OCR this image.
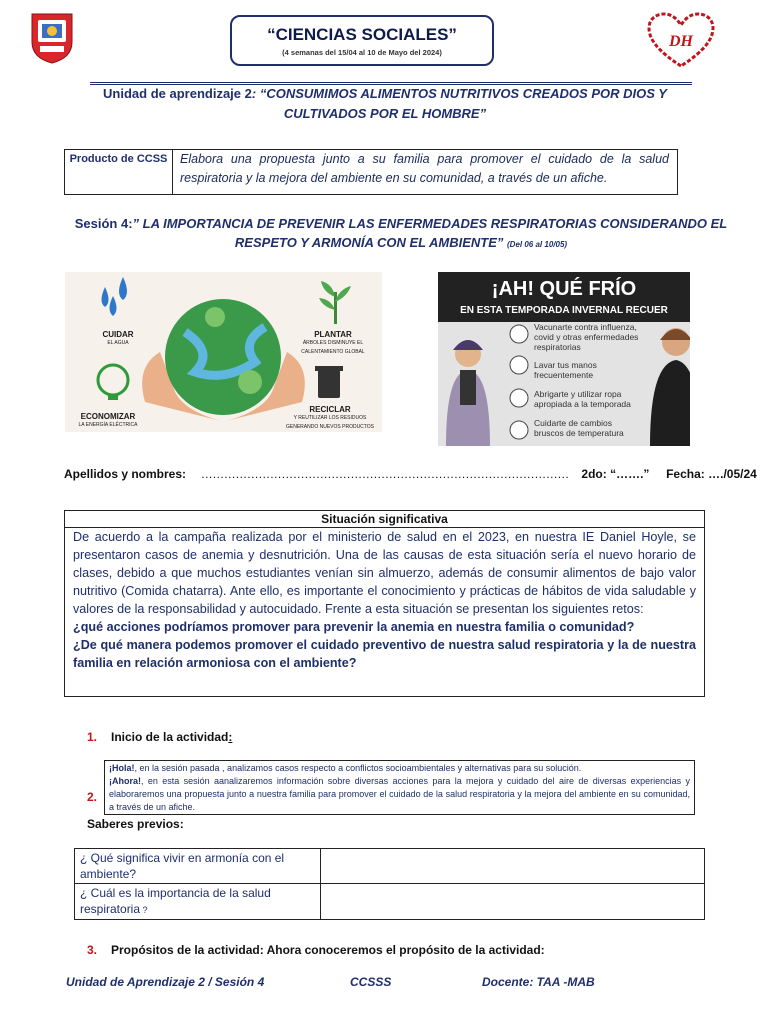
“CIENCIAS SOCIALES”
(4 semanas del 15/04 al 10 de Mayo del 2024)
DH
Unidad de aprendizaje 2: “CONSUMIMOS ALIMENTOS NUTRITIVOS CREADOS POR DIOS Y CULTIVADOS POR EL HOMBRE”
Producto de CCSS	Elabora una propuesta junto a su familia para promover el cuidado de la salud respiratoria y la mejora del ambiente en su comunidad, a través de un afiche.
Sesión 4:” LA IMPORTANCIA DE PREVENIR LAS ENFERMEDADES RESPIRATORIAS CONSIDERANDO EL RESPETO Y ARMONÍA CON EL AMBIENTE” (Del 06 al 10/05)
CUIDAR
EL AGUA
PLANTAR
ÁRBOLES DISMINUYE EL CALENTAMIENTO GLOBAL
ECONOMIZAR
LA ENERGÍA ELÉCTRICA
RECICLAR
Y REUTILIZAR LOS RESIDUOS GENERANDO NUEVOS PRODUCTOS
¡AH! QUÉ FRÍO
EN ESTA TEMPORADA INVERNAL RECUER
Vacunarte contra influenza, covid y otras enfermedades respiratorias
Lavar tus manos frecuentemente
Abrigarte y utilizar ropa apropiada a la temporada
Cuidarte de cambios bruscos de temperatura
Apellidos y nombres: …………………………………………………………………………………… 2do: “…….” Fecha: …./05/24
Situación significativa
De acuerdo a la campaña realizada por el ministerio de salud en el 2023, en nuestra IE Daniel Hoyle, se presentaron casos de anemia y desnutrición. Una de las causas de esta situación sería el nuevo horario de clases, debido a que muchos estudiantes venían sin almuerzo, además de consumir alimentos de bajo valor nutritivo (Comida chatarra). Ante ello, es importante el conocimiento y prácticas de hábitos de vida saludable y valores de la responsabilidad y autocuidado. Frente a esta situación se presentan los siguientes retos:
¿qué acciones podríamos promover para prevenir la anemia en nuestra familia o comunidad?
¿De qué manera podemos promover el cuidado preventivo de nuestra salud respiratoria y la de nuestra familia en relación armoniosa con el ambiente?
1. Inicio de la actividad:
2.
¡Hola!, en la sesión pasada , analizamos casos respecto a conflictos socioambientales y alternativas para su solución.
¡Ahora!, en esta sesión aanalizaremos información sobre diversas acciones para la mejora y cuidado del aire de diversas experiencias y elaboraremos una propuesta junto a nuestra familia para promover el cuidado de la salud respiratoria y la mejora del ambiente en su comunidad, a través de un afiche.
Saberes previos:
¿ Qué significa vivir en armonía con el ambiente?	
¿ Cuál es la importancia de la salud respiratoria ?	
3. Propósitos de la actividad: Ahora conoceremos el propósito de la actividad:
Unidad de Aprendizaje 2 / Sesión 4	CCSSS	Docente: TAA -MAB
